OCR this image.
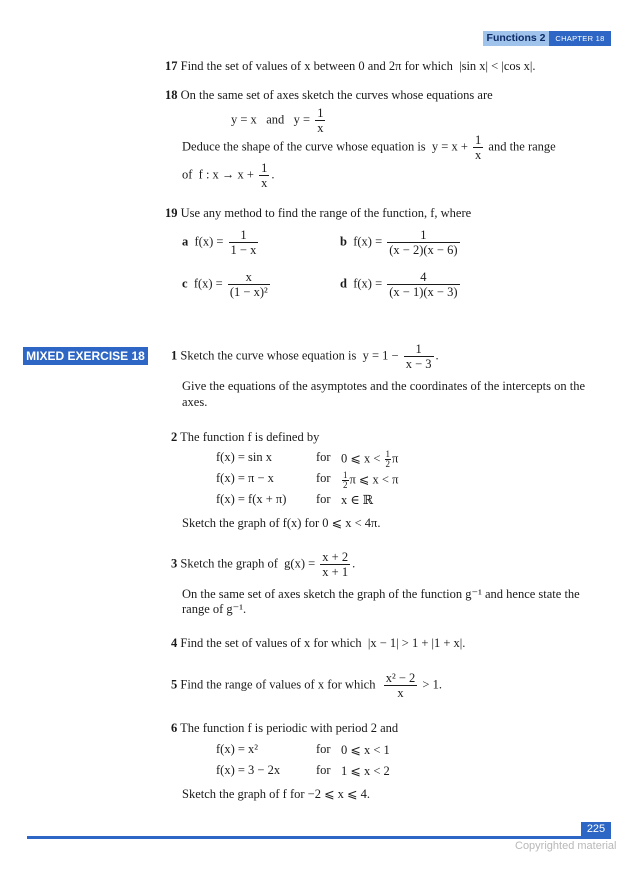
Functions 2	CHAPTER 18
17 Find the set of values of x between 0 and 2π for which |sin x| < |cos x|.
18 On the same set of axes sketch the curves whose equations are
y = x and $y = \frac{1}{x}$
Deduce the shape of the curve whose equation is $y = x + \frac{1}{x}$ and the range
of f : $x \to x + \frac{1}{x}$ .
19 Use any method to find the range of the function, f, where
a $f(x) = \frac{1}{1 - x}$	b $f(x) = \frac{1}{(x - 2)(x - 6)}$
c $f(x) = \frac{x}{\text{(1 − x)²}}$	d $f(x) = \frac{4}{(x - 1)(x - 3)}$
MIXED EXERCISE 18 1 Sketch the curve whose equation is $y = 1 - \frac{1}{x - 3}$ .
Give the equations of the asymptotes and the coordinates of the intercepts on the
axes.
2 The function f is defined by
f(x) = sin x	for 0 ⩽ $x < \frac{1}{2}$ π
f(x) = π − x	for $\frac{1}{2}$ π ⩽ x < π
f(x) = f(x + π) for x ∈ ℝ
Sketch the graph of f(x) for 0 ⩽ x < 4π.
3 Sketch the graph of $g(x) = \frac{x + 2}{x + 1}$ .
On the same set of axes sketch the graph of the function g⁻¹ and hence state the
range of g⁻¹.
4 Find the set of values of x for which |x − 1| > 1 + |1 + x|.
5 Find the range of values of x for which $\frac{\text{x² − 2}}{x} > 1$.
6 The function f is periodic with period 2 and
f(x) = x²	for 0 ⩽ x < 1
f(x) = 3 − 2x	for 1 ⩽ x < 2
Sketch the graph of f for −2 ⩽ x ⩽ 4.
225
Copyrighted material
